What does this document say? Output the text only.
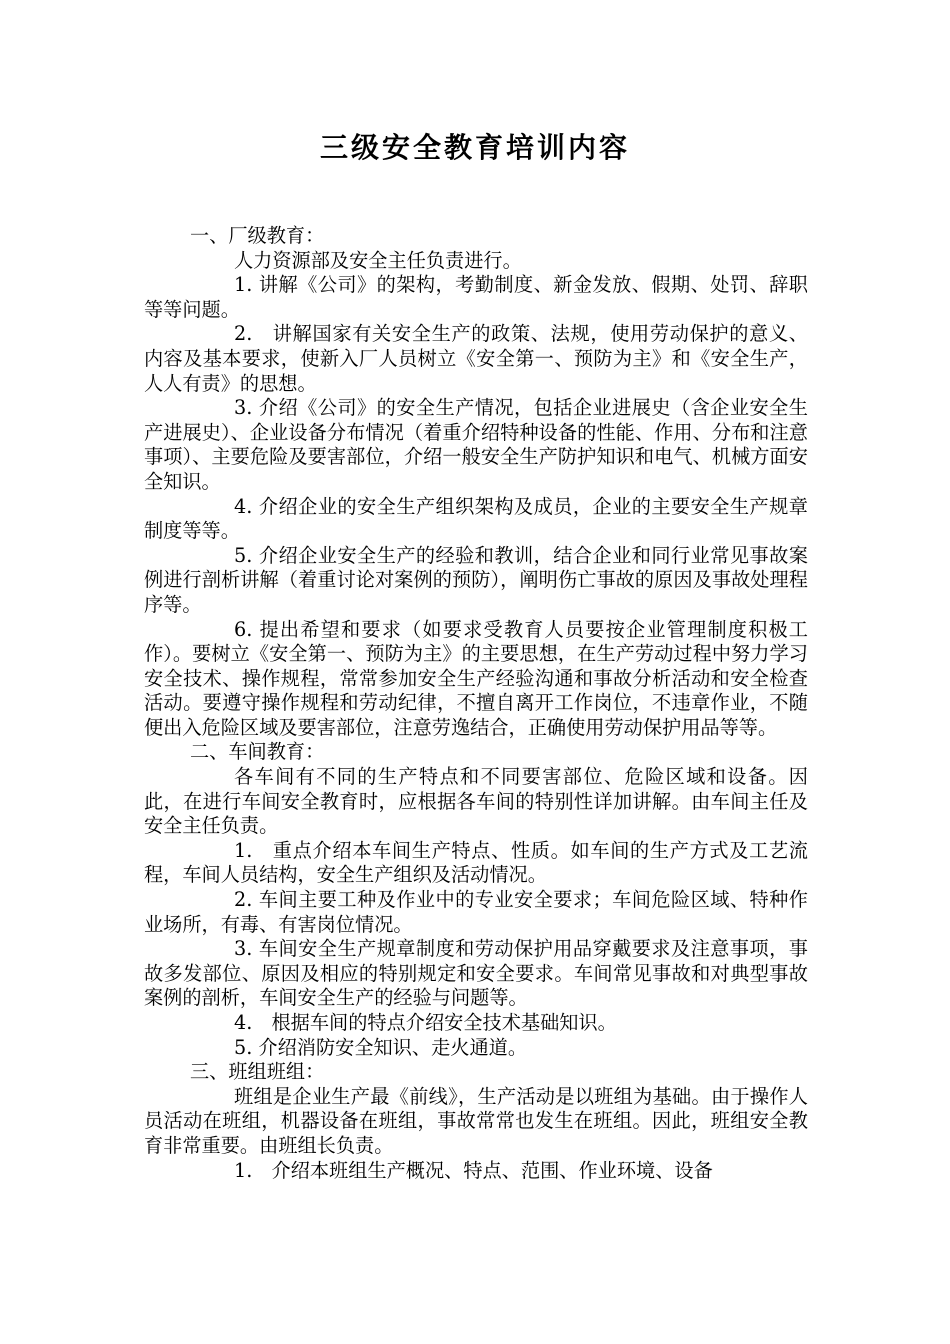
三级安全教育培训内容

一、厂级教育：

人力资源部及安全主任负责进行。

1. 讲解《公司》的架构，考勤制度、新金发放、假期、处罚、辞职等等问题。

2.　讲解国家有关安全生产的政策、法规，使用劳动保护的意义、内容及基本要求，使新入厂人员树立《安全第一、预防为主》和《安全生产，人人有责》的思想。

3. 介绍《公司》的安全生产情况，包括企业进展史（含企业安全生产进展史）、企业设备分布情况（着重介绍特种设备的性能、作用、分布和注意事项）、主要危险及要害部位，介绍一般安全生产防护知识和电气、机械方面安全知识。

4. 介绍企业的安全生产组织架构及成员，企业的主要安全生产规章制度等等。

5. 介绍企业安全生产的经验和教训，结合企业和同行业常见事故案例进行剖析讲解（着重讨论对案例的预防），阐明伤亡事故的原因及事故处理程序等。

6. 提出希望和要求（如要求受教育人员要按企业管理制度积极工作）。要树立《安全第一、预防为主》的主要思想，在生产劳动过程中努力学习安全技术、操作规程，常常参加安全生产经验沟通和事故分析活动和安全检查活动。要遵守操作规程和劳动纪律，不擅自离开工作岗位，不违章作业，不随便出入危险区域及要害部位，注意劳逸结合，正确使用劳动保护用品等等。

二、车间教育：

各车间有不同的生产特点和不同要害部位、危险区域和设备。因此，在进行车间安全教育时，应根据各车间的特别性详加讲解。由车间主任及安全主任负责。

1.　重点介绍本车间生产特点、性质。如车间的生产方式及工艺流程，车间人员结构，安全生产组织及活动情况。

2. 车间主要工种及作业中的专业安全要求；车间危险区域、特种作业场所，有毒、有害岗位情况。

3. 车间安全生产规章制度和劳动保护用品穿戴要求及注意事项，事故多发部位、原因及相应的特别规定和安全要求。车间常见事故和对典型事故案例的剖析，车间安全生产的经验与问题等。

4.　根据车间的特点介绍安全技术基础知识。

5. 介绍消防安全知识、走火通道。

三、班组班组：

班组是企业生产最《前线》，生产活动是以班组为基础。由于操作人员活动在班组，机器设备在班组，事故常常也发生在班组。因此，班组安全教育非常重要。由班组长负责。

1.　介绍本班组生产概况、特点、范围、作业环境、设备
